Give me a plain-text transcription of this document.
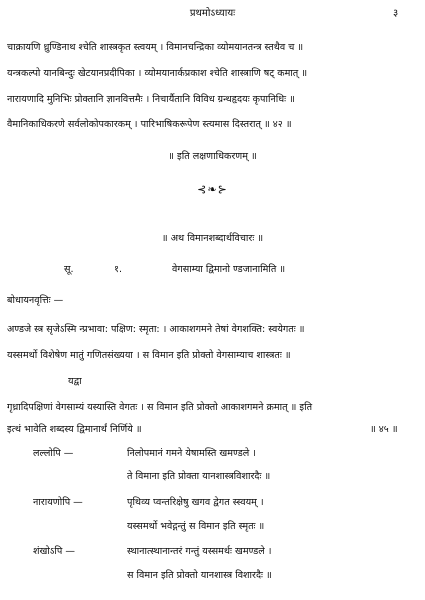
प्रथमोऽध्यायः	३
चाक्रायणि ध्रुण्डिनाथ श्चेति शास्त्रकृत स्त्वयम् । विमानचन्द्रिका व्योमयानतन्त्र स्तथैव च ॥
यन्त्रकल्पो यानबिन्दुः खेटयानप्रदीपिका । व्योमयानार्कप्रकाश श्चेति शास्त्राणि षट् कमात् ॥
नारायणादि मुनिभिः प्रोक्तानि ज्ञानवित्तमैः । निचार्यैतानि विविध ग्रन्थहृदयः कृपानिधिः ॥
वैमानिकाधिकरणे सर्वलोकोपकारकम् । पारिभाषिकरूपेण स्त्यमास दिस्तरात् ॥ ४२ ॥
॥ इति लक्षणाधिकरणम् ॥
⊰❧⊱
॥ अथ विमानशब्दार्थविचारः ॥
सू.	१.	वेगसाम्या द्विमानो ण्डजानामिति ॥
बोधायनवृत्तिः —
अण्डजे स्त्र सृजेऽस्मि न्प्रभावा: पक्षिण: स्मृता: । आकाशगमने तेषां वेगशक्ति: स्वयेगतः ॥
यस्समर्थो विशेषेण मातुं गणितसंख्यया । स विमान इति प्रोक्तो वेगसाम्याच शास्त्रतः ॥
यद्वा
गृध्रादिपक्षिणां वेगसाम्यं यस्यास्ति वेगतः । स विमान इति प्रोक्तो आकाशगमने क्रमात् ॥ इति
इत्थं भावेति शब्दस्य द्विमानार्थं निर्णिये ॥	॥ ४५ ॥
लल्लोपि —	निलोपमानं गमने येषामस्ति खमण्डले ।
ते विमाना इति प्रोक्ता यानशास्त्रविशारदैः ॥
नारायणोपि —	पृथिव्य प्वन्तरिक्षेषु खगव द्वेगत स्स्वयम् ।
यस्समर्थो भवेद्गन्तुं स विमान इति स्मृतः ॥
शंखोऽपि —	स्थानात्स्थानान्तरं गन्तुं यस्समर्थः खमण्डले ।
स विमान इति प्रोक्तो यानशास्त्र विशारदैः ॥
